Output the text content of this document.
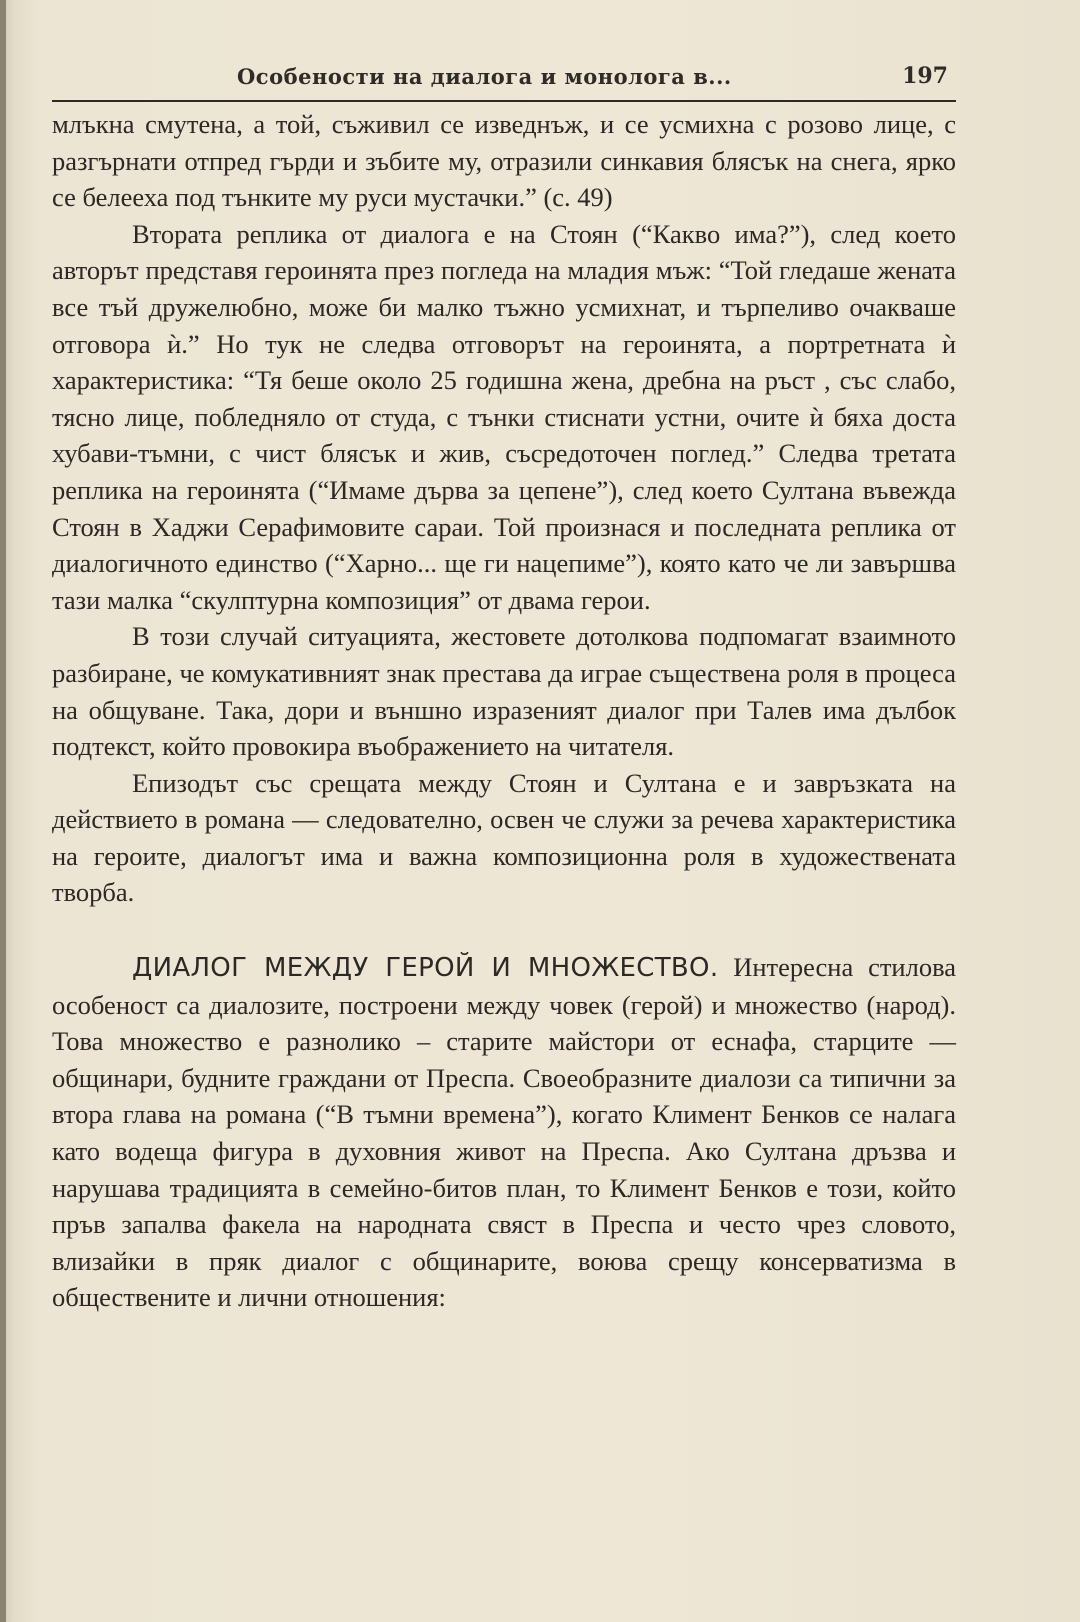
Особености на диалога и монолога в...	197

млъкна смутена, а той, съживил се изведнъж, и се усмихна с розово лице, с разгърнати отпред гърди и зъбите му, отразили синкавия блясък на снега, ярко се белееха под тънките му руси мустачки.” (с. 49)

Втората реплика от диалога е на Стоян (“Какво има?”), след което авторът представя героинята през погледа на младия мъж: “Той гледаше жената все тъй дружелюбно, може би малко тъжно усмихнат, и търпеливо очакваше отговора ѝ.” Но тук не следва отговорът на героинята, а портретната ѝ характеристика: “Тя беше около 25 годишна жена, дребна на ръст , със слабо, тясно лице, побледняло от студа, с тънки стиснати устни, очите ѝ бяха доста хубави-тъмни, с чист блясък и жив, съсредоточен поглед.” Следва третата реплика на героинята (“Имаме дърва за цепене”), след което Султана въвежда Стоян в Хаджи Серафимовите сараи. Той произнася и последната реплика от диалогичното единство (“Харно... ще ги нацепиме”), която като че ли завършва тази малка “скулптурна композиция” от двама герои.

В този случай ситуацията, жестовете дотолкова подпомагат взаимното разбиране, че комукативният знак престава да играе съществена роля в процеса на общуване. Така, дори и външно изразеният диалог при Талев има дълбок подтекст, който провокира въображението на читателя.

Епизодът със срещата между Стоян и Султана е и завръзката на действието в романа — следователно, освен че служи за речева характеристика на героите, диалогът има и важна композиционна роля в художествената творба.

ДИАЛОГ МЕЖДУ ГЕРОЙ И МНОЖЕСТВО. Интересна стилова особеност са диалозите, построени между човек (герой) и множество (народ). Това множество е разнолико – старите майстори от еснафа, старците — общинари, будните граждани от Преспа. Своеобразните диалози са типични за втора глава на романа (“В тъмни времена”), когато Климент Бенков се налага като водеща фигура в духовния живот на Преспа. Ако Султана дръзва и нарушава традицията в семейно-битов план, то Климент Бенков е този, който пръв запалва факела на народната свяст в Преспа и често чрез словото, влизайки в пряк диалог с общинарите, воюва срещу консерватизма в обществените и лични отношения:
